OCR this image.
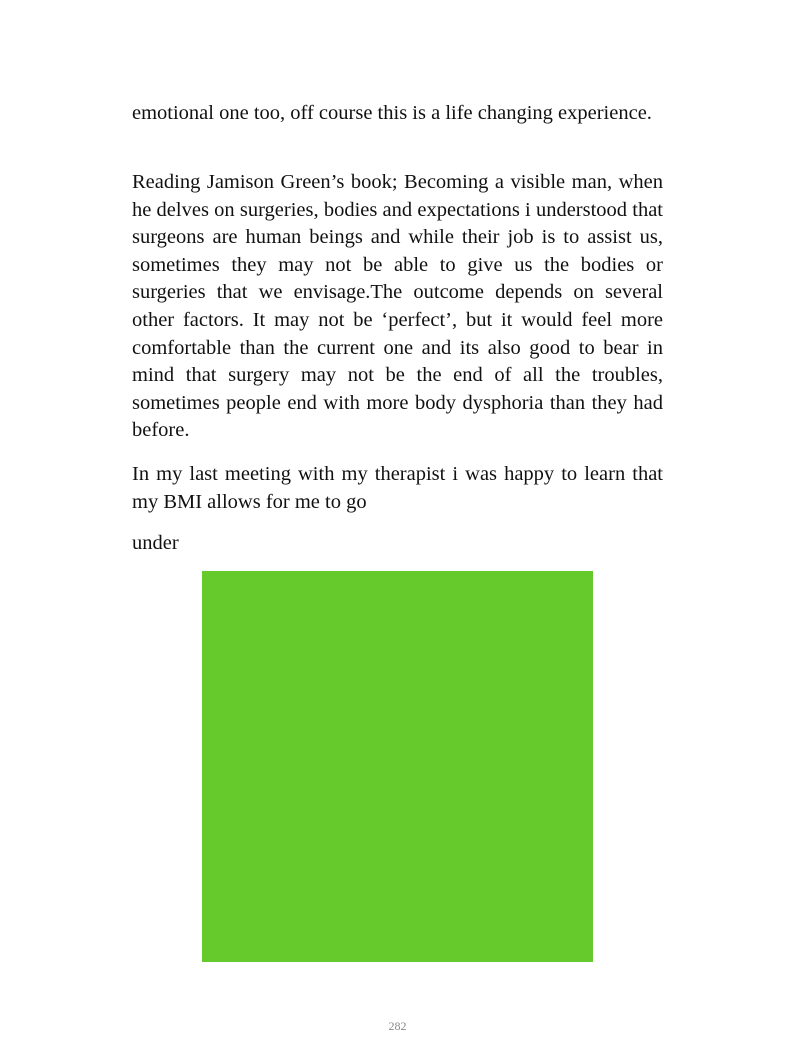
emotional one too, off course this is a life changing experience.

Reading Jamison Green’s book; Becoming a visible man, when he delves on surgeries, bodies and expectations i understood that surgeons are human beings and while their job is to assist us, sometimes they may not be able to give us the bodies or surgeries that we envisage.The outcome depends on several other factors. It may not be ‘perfect’, but it would feel more comfortable than the current one and its also good to bear in mind that surgery may not be the end of all the troubles, sometimes people end with more body dysphoria than they had before.

In my last meeting with my therapist i was happy to learn that my BMI allows for me to go

under

282
